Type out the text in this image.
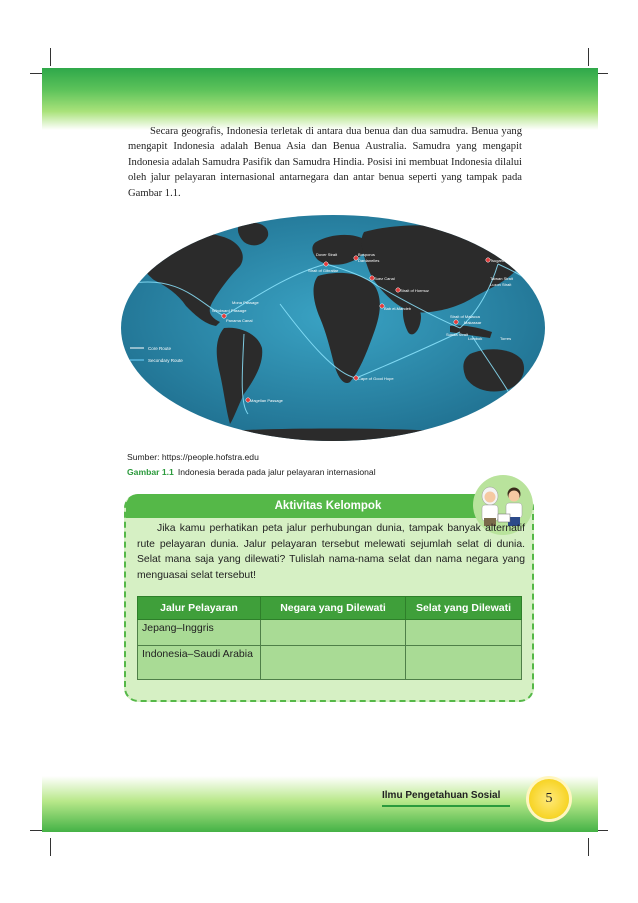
Secara geografis, Indonesia terletak di antara dua benua dan dua samudra. Benua yang mengapit Indonesia adalah Benua Asia dan Benua Australia. Samudra yang mengapit Indonesia adalah Samudra Pasifik dan Samudra Hindia. Posisi ini membuat Indonesia dilalui oleh jalur pelayaran internasional antarnegara dan antar benua seperti yang tampak pada Gambar 1.1.

Panama Canal
Mona Passage
Windward Passage
Strait of Gibraltar
Bosporus
Dardanelles
Suez Canal
Strait of Hormuz
Bab el-Mandeb
Strait of Malacca
Makassar
Sunda Strait
Lombok	Torres
Cape of Good Hope
Magellan Passage
Taiwan Strait
Luzon Strait
Tsugaru
Dover Strait
Core Route
Secondary Route
Sumber: https://people.hofstra.edu
Gambar 1.1 Indonesia berada pada jalur pelayaran internasional
Aktivitas Kelompok

Jika kamu perhatikan peta jalur perhubungan dunia, tampak banyak alternatif rute pelayaran dunia. Jalur pelayaran tersebut melewati sejumlah selat di dunia. Selat mana saja yang dilewati? Tulislah nama-nama selat dan nama negara yang menguasai selat tersebut!

Jalur Pelayaran	Negara yang Dilewati	Selat yang Dilewati
Jepang–Inggris		
Indonesia–Saudi Arabia		
Ilmu Pengetahuan Sosial	5
